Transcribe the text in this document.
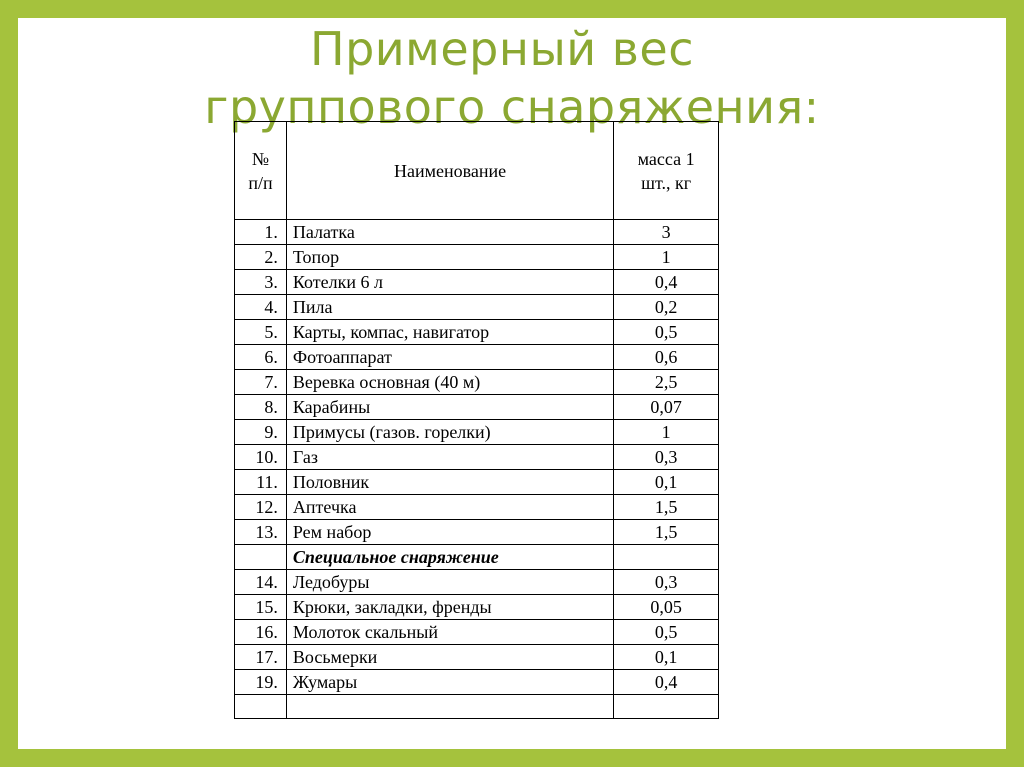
Примерный вес
группового снаряжения:
№
п/п	Наименование	масса 1
шт., кг
1.	Палатка	3
2.	Топор	1
3.	Котелки 6 л	0,4
4.	Пила	0,2
5.	Карты, компас, навигатор	0,5
6.	Фотоаппарат	0,6
7.	Веревка основная (40 м)	2,5
8.	Карабины	0,07
9.	Примусы (газов. горелки)	1
10.	Газ	0,3
11.	Половник	0,1
12.	Аптечка	1,5
13.	Рем набор	1,5
	Специальное снаряжение	
14.	Ледобуры	0,3
15.	Крюки, закладки, френды	0,05
16.	Молоток скальный	0,5
17.	Восьмерки	0,1
19.	Жумары	0,4
